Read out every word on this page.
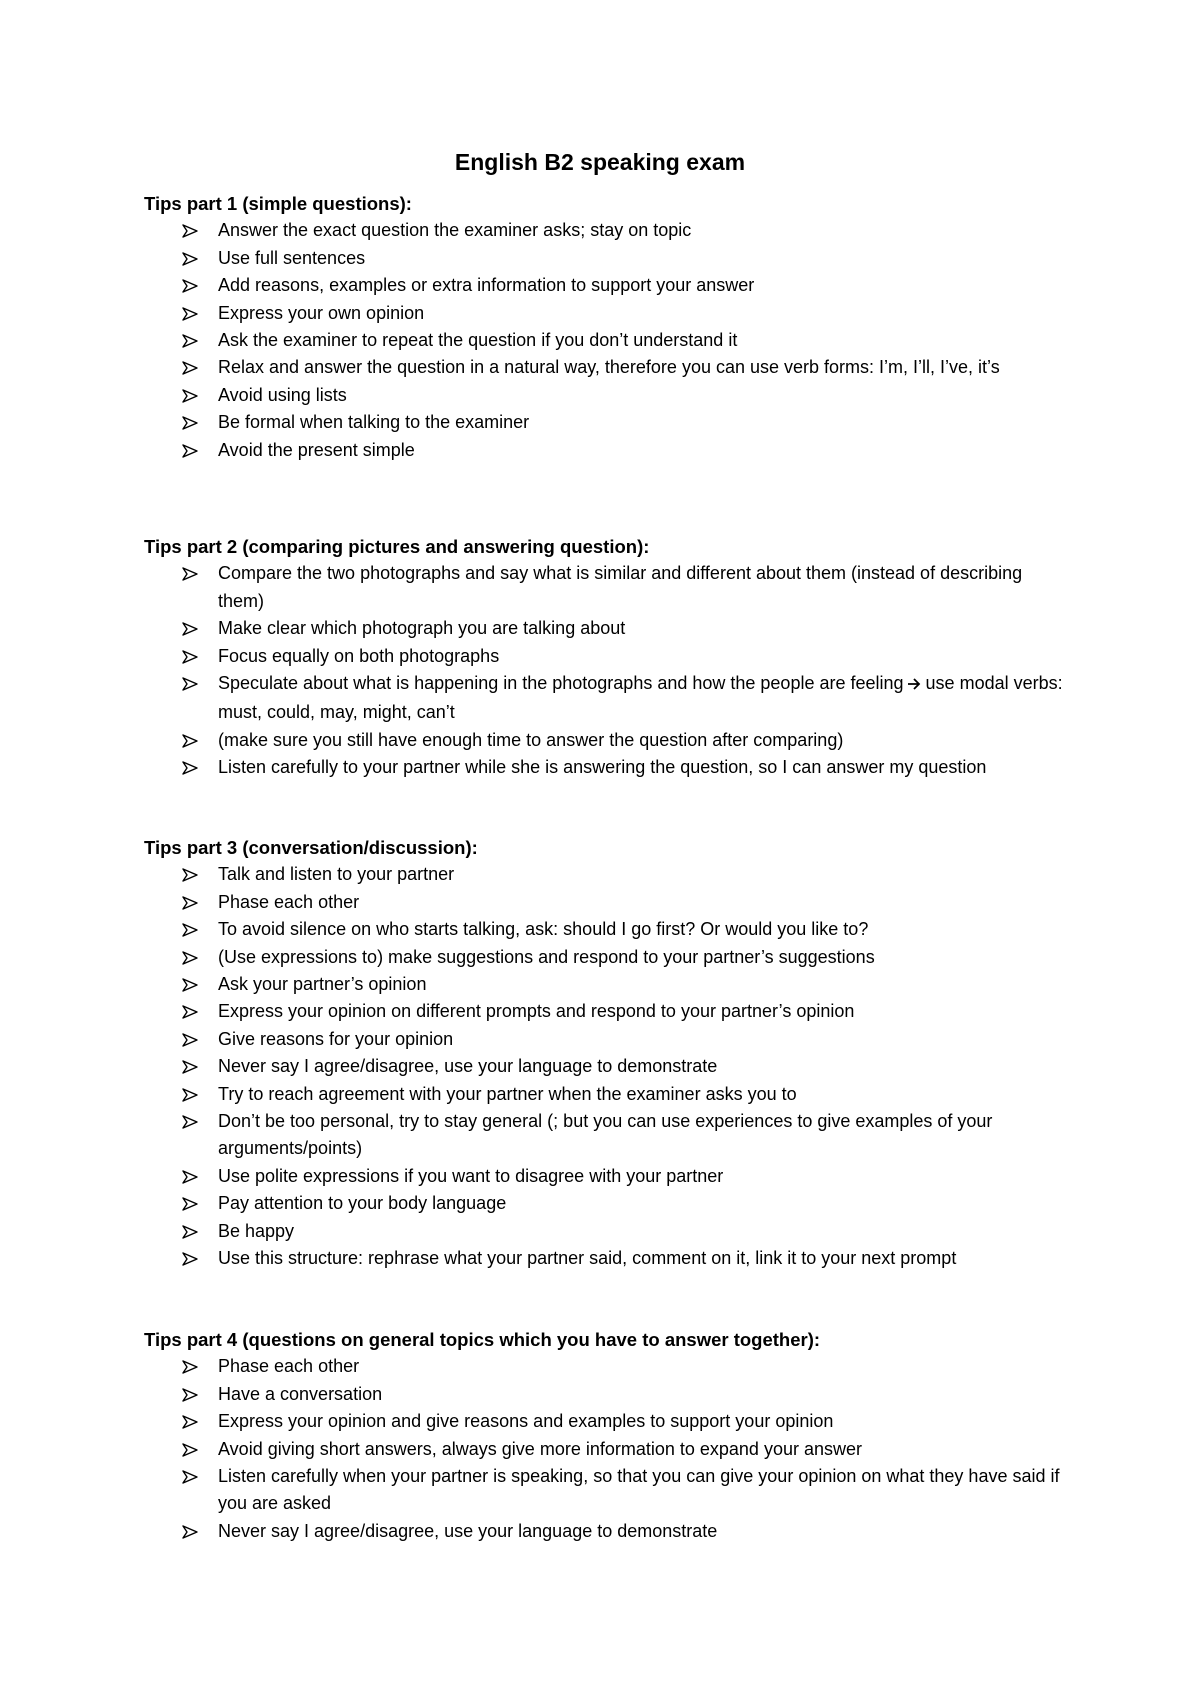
English B2 speaking exam
Tips part 1 (simple questions):
Answer the exact question the examiner asks; stay on topic
Use full sentences
Add reasons, examples or extra information to support your answer
Express your own opinion
Ask the examiner to repeat the question if you don’t understand it
Relax and answer the question in a natural way, therefore you can use verb forms: I’m, I’ll, I’ve, it’s
Avoid using lists
Be formal when talking to the examiner
Avoid the present simple
Tips part 2 (comparing pictures and answering question):
Compare the two photographs and say what is similar and different about them (instead of describing them)
Make clear which photograph you are talking about
Focus equally on both photographs
Speculate about what is happening in the photographs and how the people are feeling use modal verbs: must, could, may, might, can’t
(make sure you still have enough time to answer the question after comparing)
Listen carefully to your partner while she is answering the question, so I can answer my question
Tips part 3 (conversation/discussion):
Talk and listen to your partner
Phase each other
To avoid silence on who starts talking, ask: should I go first? Or would you like to?
(Use expressions to) make suggestions and respond to your partner’s suggestions
Ask your partner’s opinion
Express your opinion on different prompts and respond to your partner’s opinion
Give reasons for your opinion
Never say I agree/disagree, use your language to demonstrate
Try to reach agreement with your partner when the examiner asks you to
Don’t be too personal, try to stay general (; but you can use experiences to give examples of your arguments/points)
Use polite expressions if you want to disagree with your partner
Pay attention to your body language
Be happy
Use this structure: rephrase what your partner said, comment on it, link it to your next prompt
Tips part 4 (questions on general topics which you have to answer together):
Phase each other
Have a conversation
Express your opinion and give reasons and examples to support your opinion
Avoid giving short answers, always give more information to expand your answer
Listen carefully when your partner is speaking, so that you can give your opinion on what they have said if you are asked
Never say I agree/disagree, use your language to demonstrate
